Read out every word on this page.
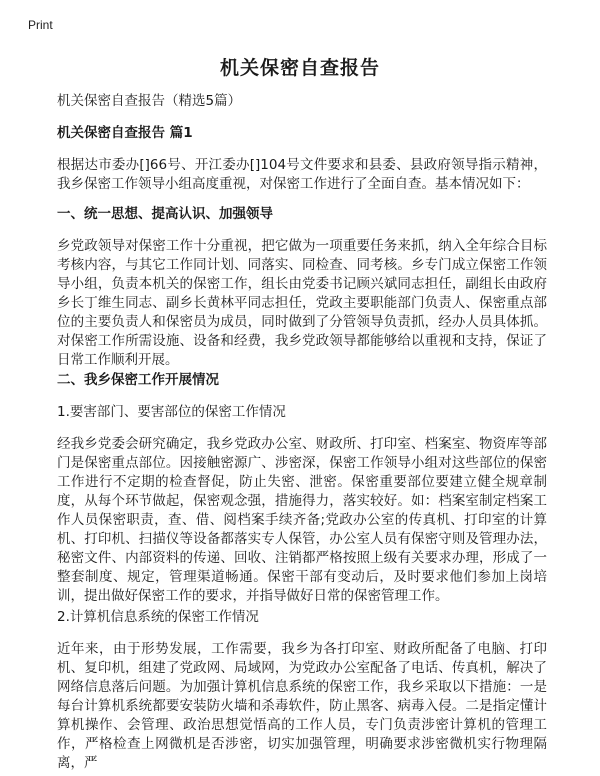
Print
机关保密自查报告
机关保密自查报告（精选5篇）
机关保密自查报告 篇1
根据达市委办[]66号、开江委办[]104号文件要求和县委、县政府领导指示精神，我乡保密工作领导小组高度重视，对保密工作进行了全面自查。基本情况如下：
一、统一思想、提高认识、加强领导
乡党政领导对保密工作十分重视，把它做为一项重要任务来抓，纳入全年综合目标考核内容，与其它工作同计划、同落实、同检查、同考核。乡专门成立保密工作领导小组，负责本机关的保密工作，组长由党委书记顾兴斌同志担任，副组长由政府乡长丁维生同志、副乡长黄林平同志担任，党政主要职能部门负责人、保密重点部位的主要负责人和保密员为成员，同时做到了分管领导负责抓，经办人员具体抓。对保密工作所需设施、设备和经费，我乡党政领导都能够给以重视和支持，保证了日常工作顺利开展。
二、我乡保密工作开展情况
1.要害部门、要害部位的保密工作情况
经我乡党委会研究确定，我乡党政办公室、财政所、打印室、档案室、物资库等部门是保密重点部位。因接触密源广、涉密深，保密工作领导小组对这些部位的保密工作进行不定期的检查督促，防止失密、泄密。保密重要部位要建立健全规章制度，从每个环节做起，保密观念强，措施得力，落实较好。如：档案室制定档案工作人员保密职责，查、借、阅档案手续齐备;党政办公室的传真机、打印室的计算机、打印机、扫描仪等设备都落实专人保管，办公室人员有保密守则及管理办法，秘密文件、内部资料的传递、回收、注销都严格按照上级有关要求办理，形成了一整套制度、规定，管理渠道畅通。保密干部有变动后，及时要求他们参加上岗培训，提出做好保密工作的要求，并指导做好日常的保密管理工作。
2.计算机信息系统的保密工作情况
近年来，由于形势发展，工作需要，我乡为各打印室、财政所配备了电脑、打印机、复印机，组建了党政网、局域网，为党政办公室配备了电话、传真机，解决了网络信息落后问题。为加强计算机信息系统的保密工作，我乡采取以下措施：一是每台计算机系统都要安装防火墙和杀毒软件，防止黑客、病毒入侵。二是指定懂计算机操作、会管理、政治思想觉悟高的工作人员，专门负责涉密计算机的管理工作，严格检查上网微机是否涉密，切实加强管理，明确要求涉密微机实行物理隔离，严
